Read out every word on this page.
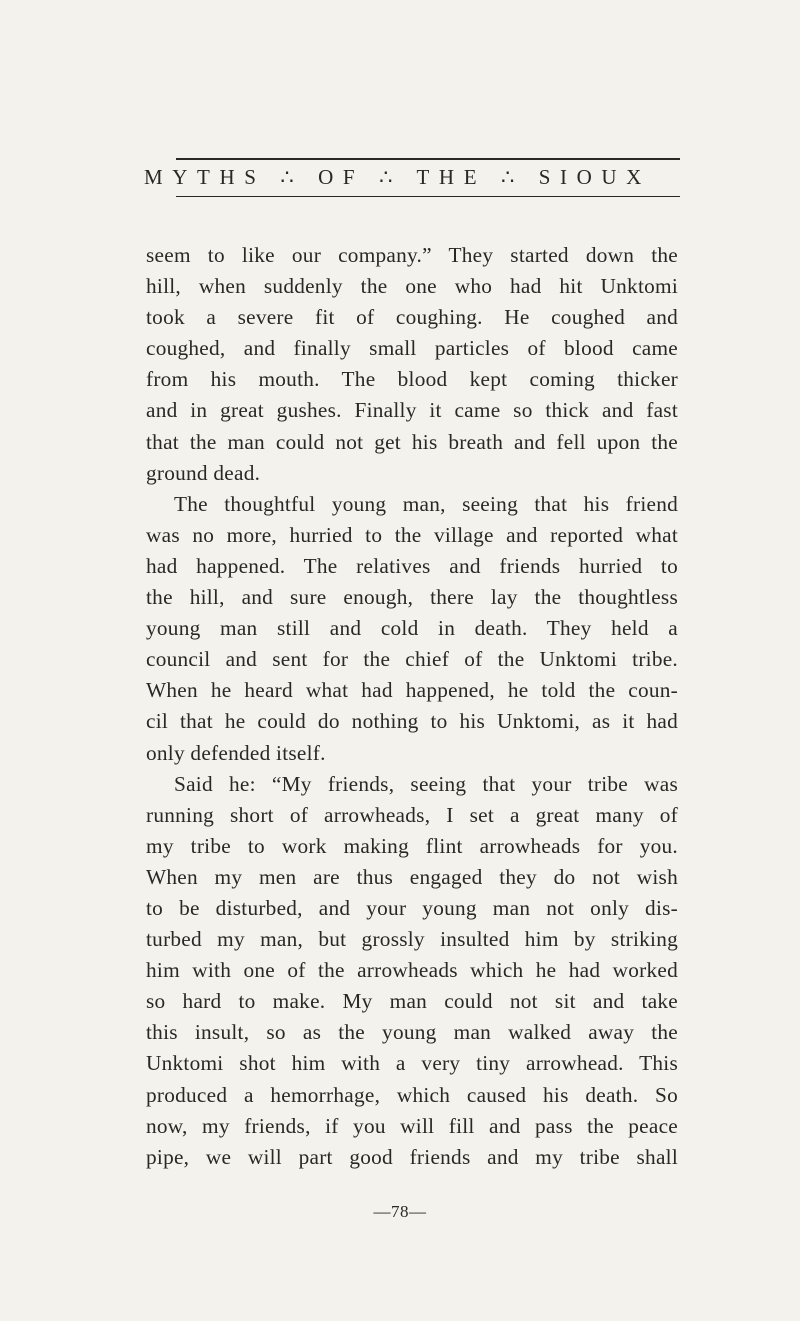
MYTHS ∴ OF ∴ THE ∴ SIOUX
seem to like our company.” They started down the
hill, when suddenly the one who had hit Unktomi
took a severe fit of coughing. He coughed and
coughed, and finally small particles of blood came
from his mouth. The blood kept coming thicker
and in great gushes. Finally it came so thick and fast
that the man could not get his breath and fell upon the
ground dead.
The thoughtful young man, seeing that his friend
was no more, hurried to the village and reported what
had happened. The relatives and friends hurried to
the hill, and sure enough, there lay the thoughtless
young man still and cold in death. They held a
council and sent for the chief of the Unktomi tribe.
When he heard what had happened, he told the coun-
cil that he could do nothing to his Unktomi, as it had
only defended itself.
Said he: “My friends, seeing that your tribe was
running short of arrowheads, I set a great many of
my tribe to work making flint arrowheads for you.
When my men are thus engaged they do not wish
to be disturbed, and your young man not only dis-
turbed my man, but grossly insulted him by striking
him with one of the arrowheads which he had worked
so hard to make. My man could not sit and take
this insult, so as the young man walked away the
Unktomi shot him with a very tiny arrowhead. This
produced a hemorrhage, which caused his death. So
now, my friends, if you will fill and pass the peace
pipe, we will part good friends and my tribe shall
—78—
